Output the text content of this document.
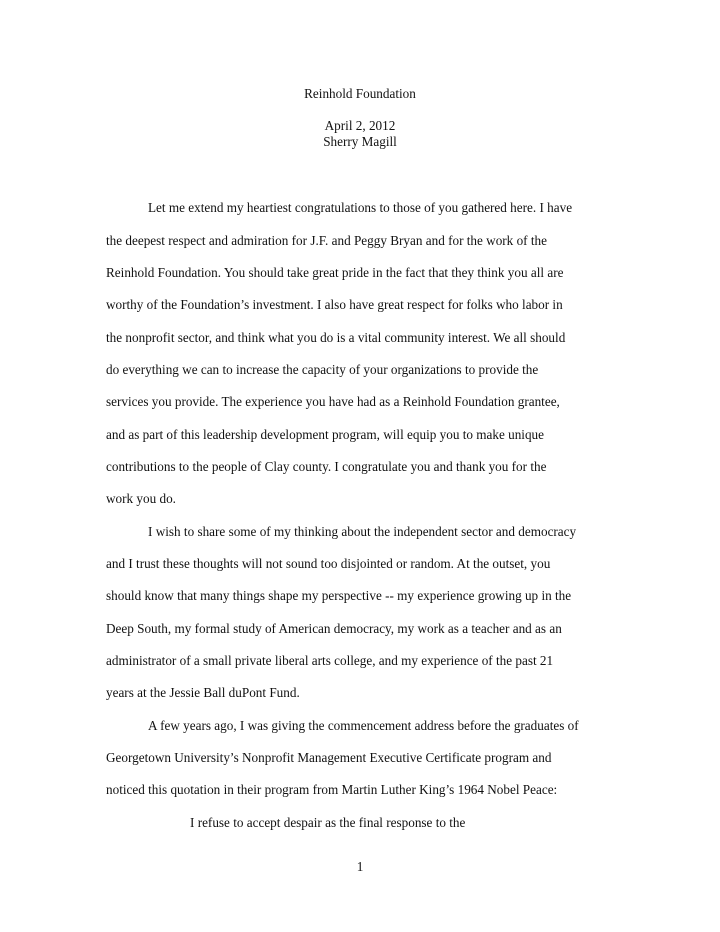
Reinhold Foundation
April 2, 2012
Sherry Magill
Let me extend my heartiest congratulations to those of you gathered here. I have
the deepest respect and admiration for J.F. and Peggy Bryan and for the work of the
Reinhold Foundation. You should take great pride in the fact that they think you all are
worthy of the Foundation’s investment. I also have great respect for folks who labor in
the nonprofit sector, and think what you do is a vital community interest. We all should
do everything we can to increase the capacity of your organizations to provide the
services you provide. The experience you have had as a Reinhold Foundation grantee,
and as part of this leadership development program, will equip you to make unique
contributions to the people of Clay county. I congratulate you and thank you for the
work you do.
I wish to share some of my thinking about the independent sector and democracy
and I trust these thoughts will not sound too disjointed or random. At the outset, you
should know that many things shape my perspective -- my experience growing up in the
Deep South, my formal study of American democracy, my work as a teacher and as an
administrator of a small private liberal arts college, and my experience of the past 21
years at the Jessie Ball duPont Fund.
A few years ago, I was giving the commencement address before the graduates of
Georgetown University’s Nonprofit Management Executive Certificate program and
noticed this quotation in their program from Martin Luther King’s 1964 Nobel Peace:
I refuse to accept despair as the final response to the
1
